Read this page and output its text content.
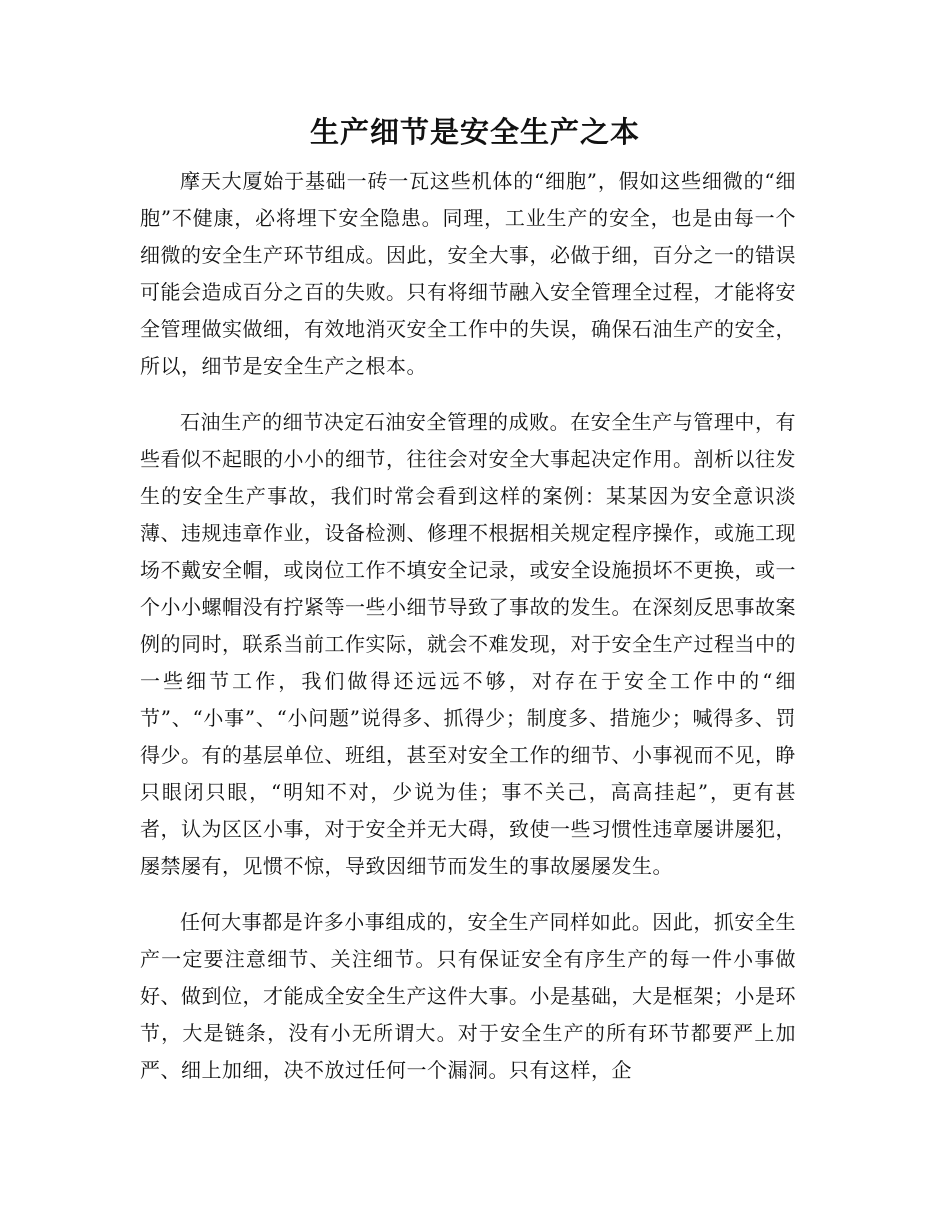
生产细节是安全生产之本

摩天大厦始于基础一砖一瓦这些机体的“细胞”，假如这些细微的“细胞”不健康，必将埋下安全隐患。同理，工业生产的安全，也是由每一个细微的安全生产环节组成。因此，安全大事，必做于细，百分之一的错误可能会造成百分之百的失败。只有将细节融入安全管理全过程，才能将安全管理做实做细，有效地消灭安全工作中的失误，确保石油生产的安全，所以，细节是安全生产之根本。

石油生产的细节决定石油安全管理的成败。在安全生产与管理中，有些看似不起眼的小小的细节，往往会对安全大事起决定作用。剖析以往发生的安全生产事故，我们时常会看到这样的案例：某某因为安全意识淡薄、违规违章作业，设备检测、修理不根据相关规定程序操作，或施工现场不戴安全帽，或岗位工作不填安全记录，或安全设施损坏不更换，或一个小小螺帽没有拧紧等一些小细节导致了事故的发生。在深刻反思事故案例的同时，联系当前工作实际，就会不难发现，对于安全生产过程当中的一些细节工作，我们做得还远远不够，对存在于安全工作中的“细节”、“小事”、“小问题”说得多、抓得少；制度多、措施少；喊得多、罚得少。有的基层单位、班组，甚至对安全工作的细节、小事视而不见，睁只眼闭只眼，“明知不对，少说为佳；事不关己，高高挂起”，更有甚者，认为区区小事，对于安全并无大碍，致使一些习惯性违章屡讲屡犯，屡禁屡有，见惯不惊，导致因细节而发生的事故屡屡发生。

任何大事都是许多小事组成的，安全生产同样如此。因此，抓安全生产一定要注意细节、关注细节。只有保证安全有序生产的每一件小事做好、做到位，才能成全安全生产这件大事。小是基础，大是框架；小是环节，大是链条，没有小无所谓大。对于安全生产的所有环节都要严上加严、细上加细，决不放过任何一个漏洞。只有这样，企
